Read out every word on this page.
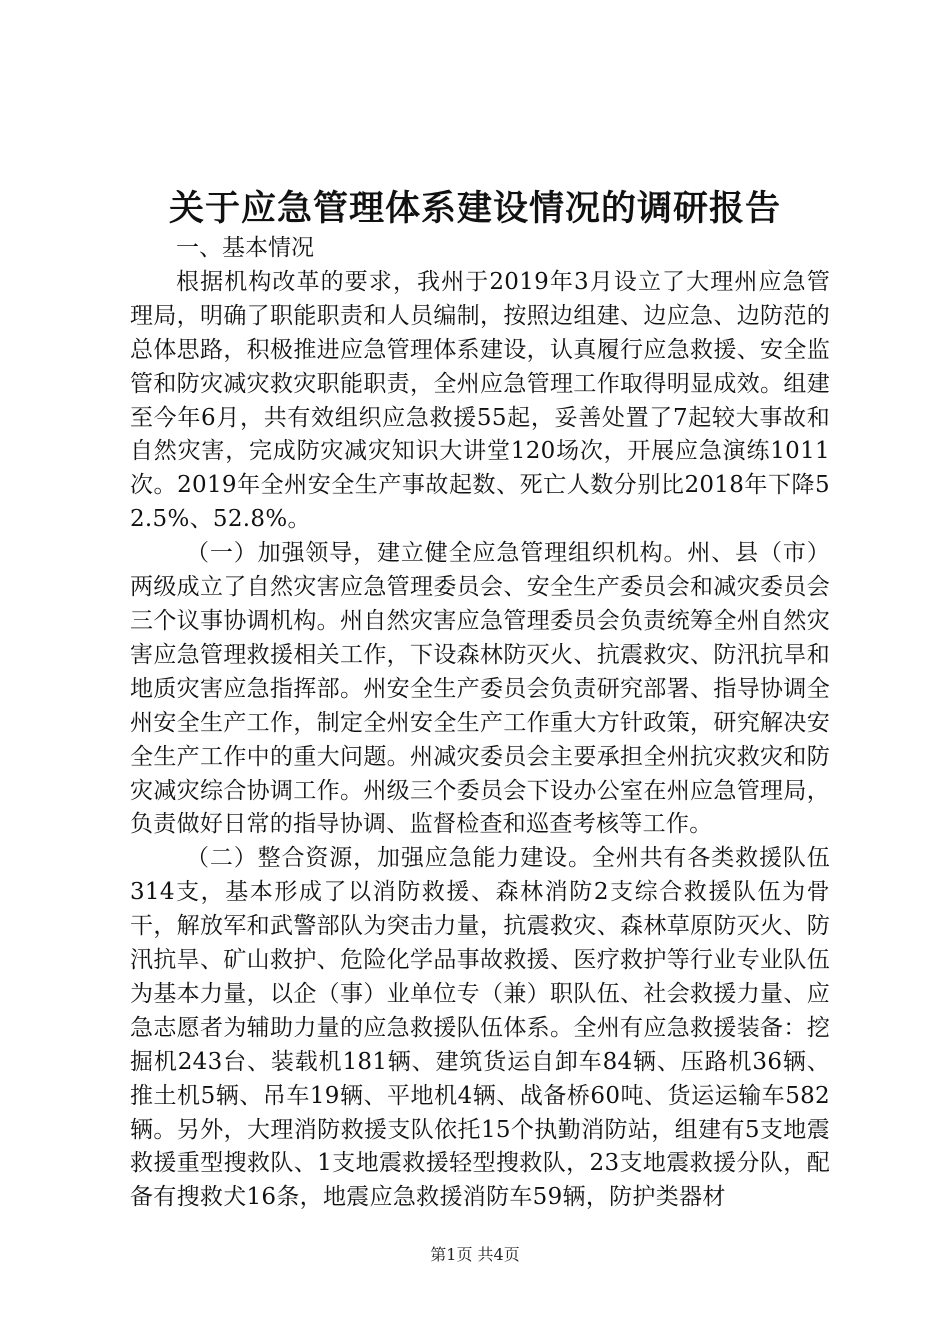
关于应急管理体系建设情况的调研报告

一、基本情况

根据机构改革的要求，我州于2019年3月设立了大理州应急管理局，明确了职能职责和人员编制，按照边组建、边应急、边防范的总体思路，积极推进应急管理体系建设，认真履行应急救援、安全监管和防灾减灾救灾职能职责，全州应急管理工作取得明显成效。组建至今年6月，共有效组织应急救援55起，妥善处置了7起较大事故和自然灾害，完成防灾减灾知识大讲堂120场次，开展应急演练1011次。2019年全州安全生产事故起数、死亡人数分别比2018年下降52.5%、52.8%。

（一）加强领导，建立健全应急管理组织机构。州、县（市）两级成立了自然灾害应急管理委员会、安全生产委员会和减灾委员会三个议事协调机构。州自然灾害应急管理委员会负责统筹全州自然灾害应急管理救援相关工作，下设森林防灭火、抗震救灾、防汛抗旱和地质灾害应急指挥部。州安全生产委员会负责研究部署、指导协调全州安全生产工作，制定全州安全生产工作重大方针政策，研究解决安全生产工作中的重大问题。州减灾委员会主要承担全州抗灾救灾和防灾减灾综合协调工作。州级三个委员会下设办公室在州应急管理局，负责做好日常的指导协调、监督检查和巡查考核等工作。

（二）整合资源，加强应急能力建设。全州共有各类救援队伍314支，基本形成了以消防救援、森林消防2支综合救援队伍为骨干，解放军和武警部队为突击力量，抗震救灾、森林草原防灭火、防汛抗旱、矿山救护、危险化学品事故救援、医疗救护等行业专业队伍为基本力量，以企（事）业单位专（兼）职队伍、社会救援力量、应急志愿者为辅助力量的应急救援队伍体系。全州有应急救援装备：挖掘机243台、装载机181辆、建筑货运自卸车84辆、压路机36辆、推土机5辆、吊车19辆、平地机4辆、战备桥60吨、货运运输车582辆。另外，大理消防救援支队依托15个执勤消防站，组建有5支地震救援重型搜救队、1支地震救援轻型搜救队，23支地震救援分队，配备有搜救犬16条，地震应急救援消防车59辆，防护类器材

第1页 共4页
